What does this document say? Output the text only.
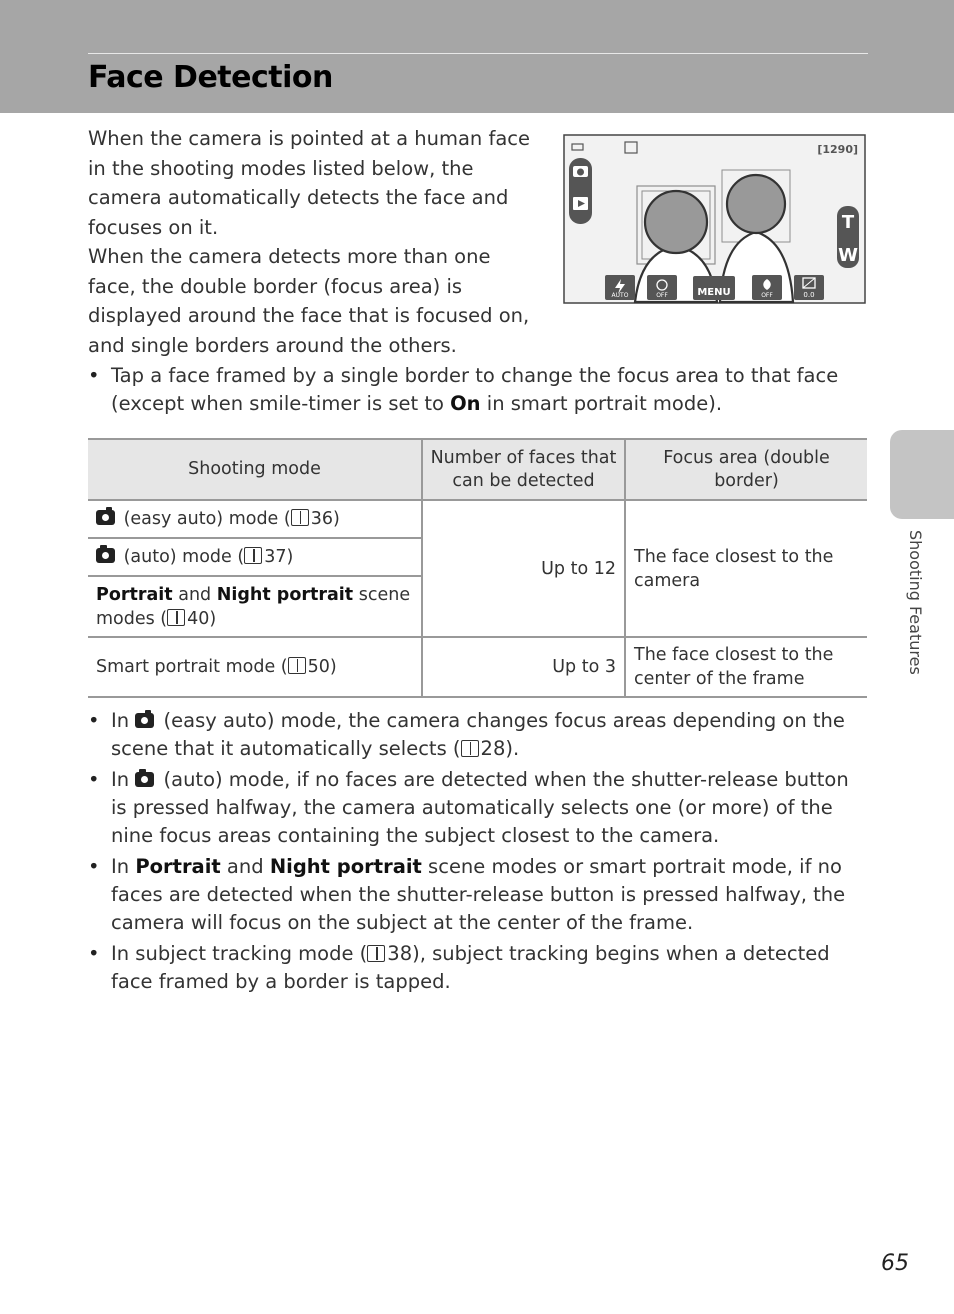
Face Detection

When the camera is pointed at a human face in the shooting modes listed below, the camera automatically detects the face and focuses on it.

When the camera detects more than one face, the double border (focus area) is displayed around the face that is focused on, and single borders around the others.

[1290]
T
W
AUTO	OFF	MENU	OFF	0.0
• Tap a face framed by a single border to change the focus area to that face (except when smile-timer is set to On in smart portrait mode).
Shooting mode	Number of faces that can be detected	Focus area (double border)
(easy auto) mode ( 36)	Up to 12	The face closest to the camera
(auto) mode ( 37)		
Portrait and Night portrait scene modes ( 40)		
Smart portrait mode ( 50)	Up to 3	The face closest to the center of the frame
• In  (easy auto) mode, the camera changes focus areas depending on the scene that it automatically selects ( 28).
• In  (auto) mode, if no faces are detected when the shutter-release button is pressed halfway, the camera automatically selects one (or more) of the nine focus areas containing the subject closest to the camera.
• In Portrait and Night portrait scene modes or smart portrait mode, if no faces are detected when the shutter-release button is pressed halfway, the camera will focus on the subject at the center of the frame.
• In subject tracking mode ( 38), subject tracking begins when a detected face framed by a border is tapped.
Shooting Features
65
